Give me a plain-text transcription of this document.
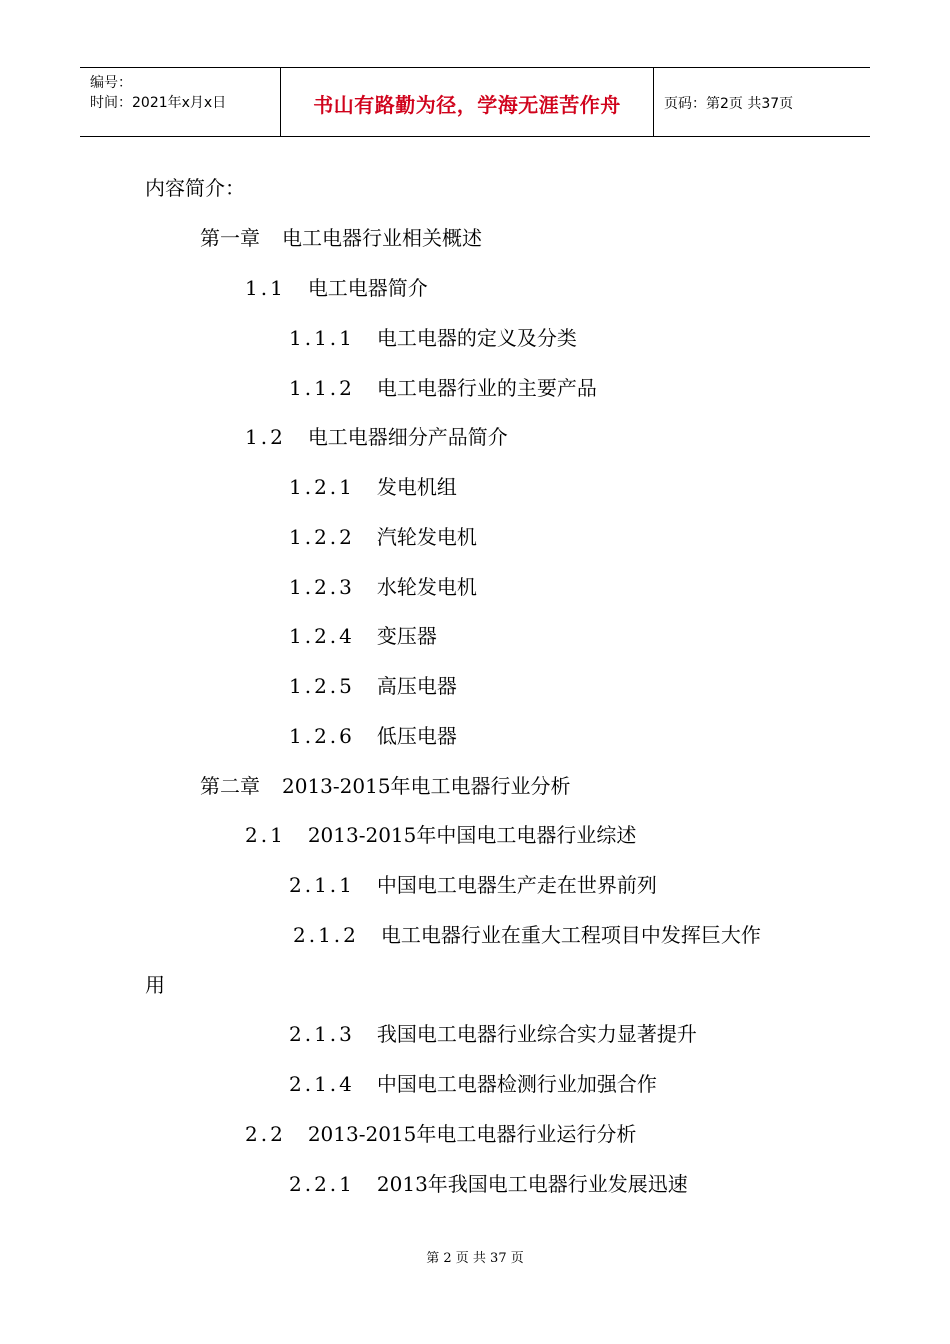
编号：
时间：2021年x月x日	书山有路勤为径，学海无涯苦作舟	页码：第2页 共37页
内容简介：
第一章 电工电器行业相关概述
1.1 电工电器简介
1.1.1 电工电器的定义及分类
1.1.2 电工电器行业的主要产品
1.2 电工电器细分产品简介
1.2.1 发电机组
1.2.2 汽轮发电机
1.2.3 水轮发电机
1.2.4 变压器
1.2.5 高压电器
1.2.6 低压电器
第二章 2013-2015年电工电器行业分析
2.1 2013-2015年中国电工电器行业综述
2.1.1 中国电工电器生产走在世界前列
2.1.2 电工电器行业在重大工程项目中发挥巨大作
用
2.1.3 我国电工电器行业综合实力显著提升
2.1.4 中国电工电器检测行业加强合作
2.2 2013-2015年电工电器行业运行分析
2.2.1 2013年我国电工电器行业发展迅速
第 2 页 共 37 页
